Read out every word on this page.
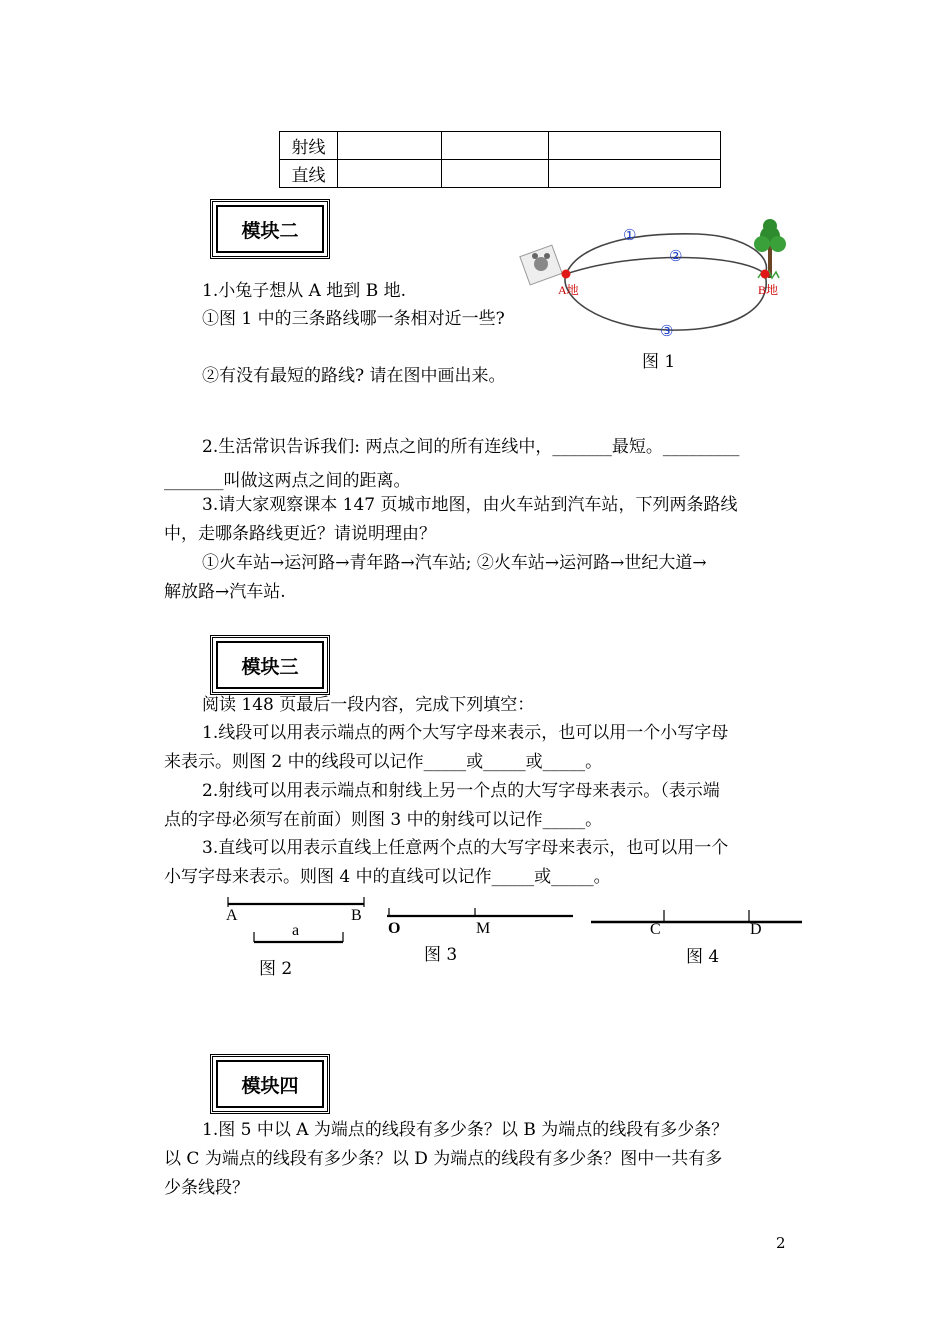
射线			
直线			
模块二
1.小兔子想从 A 地到 B 地.
①图 1 中的三条路线哪一条相对近一些?
②有没有最短的路线? 请在图中画出来。
A地	B地
①
②
③
图 1
2.生活常识告诉我们: 两点之间的所有连线中，_______最短。_________
_______叫做这两点之间的距离。
3.请大家观察课本 147 页城市地图，由火车站到汽车站，下列两条路线
中，走哪条路线更近？请说明理由？
①火车站→运河路→青年路→汽车站; ②火车站→运河路→世纪大道→
解放路→汽车站.
模块三
阅读 148 页最后一段内容，完成下列填空：
1.线段可以用表示端点的两个大写字母来表示，也可以用一个小写字母
来表示。则图 2 中的线段可以记作_____或_____或_____。
2.射线可以用表示端点和射线上另一个点的大写字母来表示。（表示端
点的字母必须写在前面）则图 3 中的射线可以记作_____。
3.直线可以用表示直线上任意两个点的大写字母来表示，也可以用一个
小写字母来表示。则图 4 中的直线可以记作_____或_____。
A	B
a	O	M	C	D
图 2
图 3	图 4
模块四
1.图 5 中以 A 为端点的线段有多少条？以 B 为端点的线段有多少条？
以 C 为端点的线段有多少条？以 D 为端点的线段有多少条？图中一共有多
少条线段？
2
